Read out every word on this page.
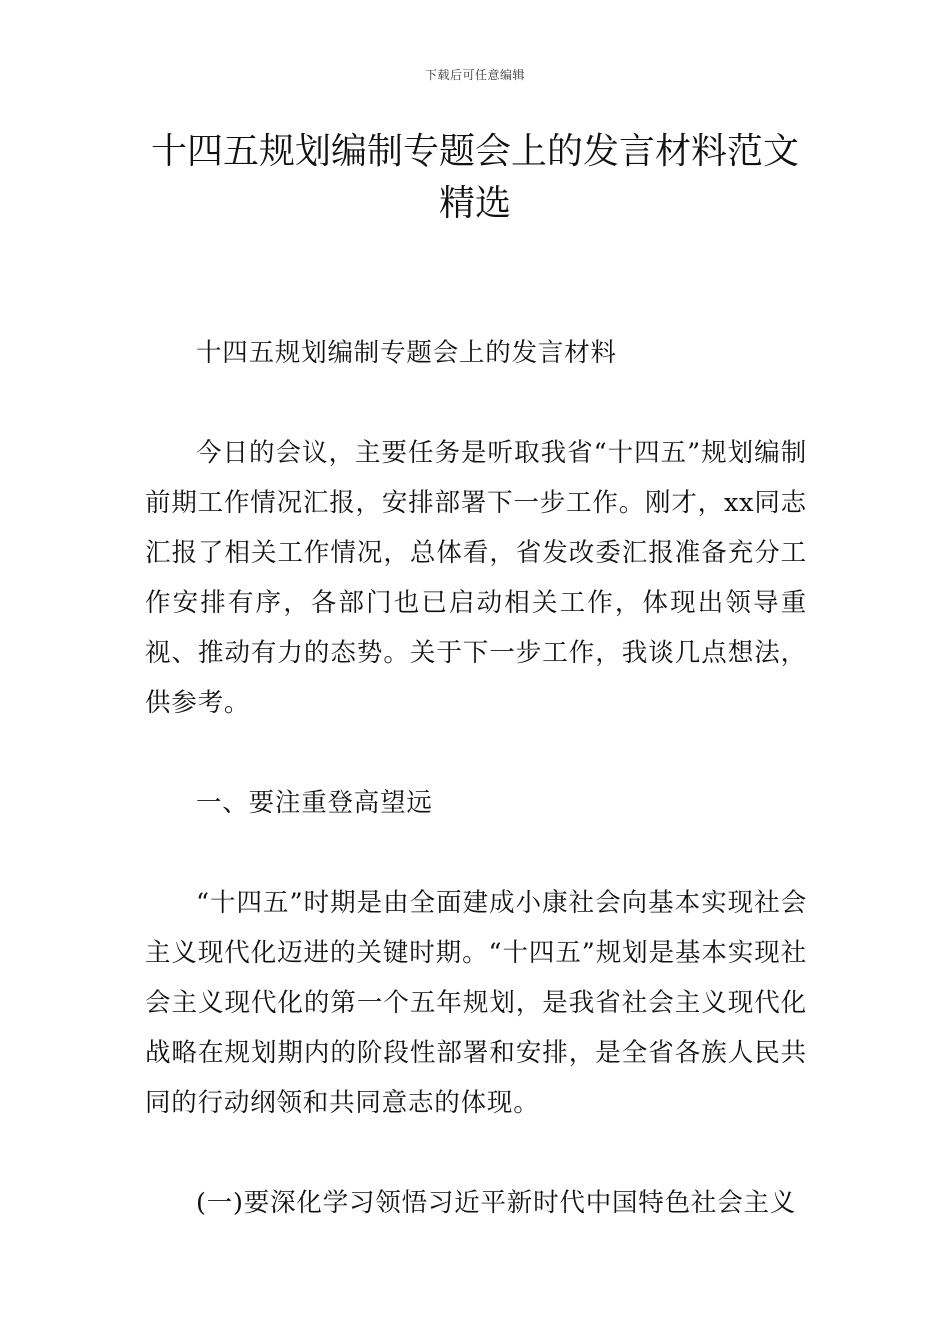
下载后可任意编辑
十四五规划编制专题会上的发言材料范文精选

十四五规划编制专题会上的发言材料

今日的会议，主要任务是听取我省“十四五”规划编制前期工作情况汇报，安排部署下一步工作。刚才，xx同志汇报了相关工作情况，总体看，省发改委汇报准备充分工作安排有序，各部门也已启动相关工作，体现出领导重视、推动有力的态势。关于下一步工作，我谈几点想法，供参考。

一、要注重登高望远

“十四五”时期是由全面建成小康社会向基本实现社会主义现代化迈进的关键时期。“十四五”规划是基本实现社会主义现代化的第一个五年规划，是我省社会主义现代化战略在规划期内的阶段性部署和安排，是全省各族人民共同的行动纲领和共同意志的体现。

(一)要深化学习领悟习近平新时代中国特色社会主义
